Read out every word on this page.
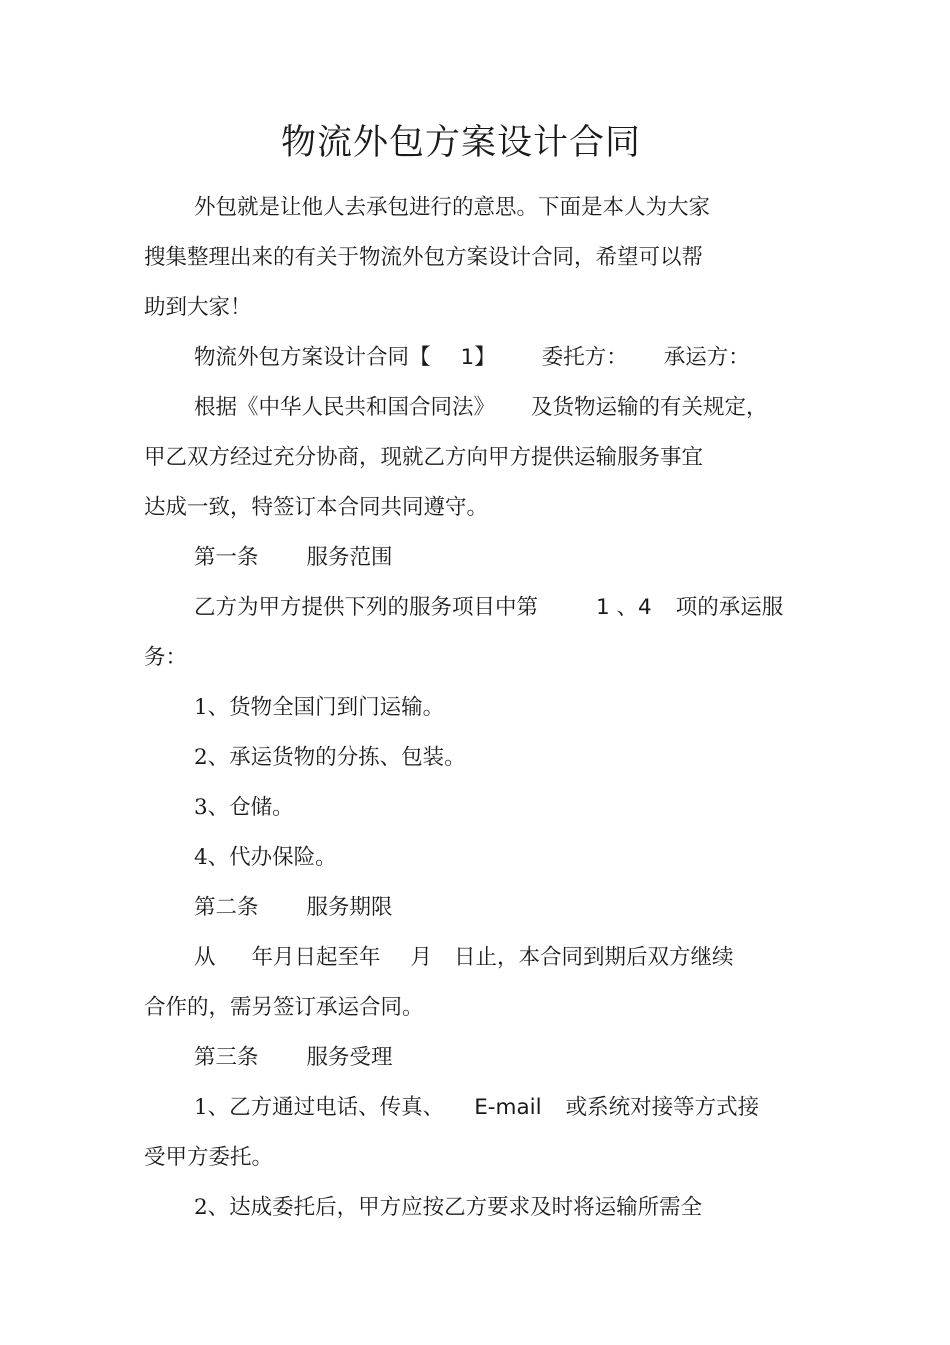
物流外包方案设计合同
外包就是让他人去承包进行的意思。下面是本人为大家
搜集整理出来的有关于物流外包方案设计合同，希望可以帮
助到大家！
物流外包方案设计合同【 1】 委托方： 承运方：
根据《中华人民共和国合同法》 及货物运输的有关规定，
甲乙双方经过充分协商，现就乙方向甲方提供运输服务事宜
达成一致，特签订本合同共同遵守。
第一条 服务范围
乙方为甲方提供下列的服务项目中第	1 、4 项的承运服
务：
1、货物全国门到门运输。
2、承运货物的分拣、包装。
3、仓储。
4、代办保险。
第二条 服务期限
从 年月日起至年 月 日止，本合同到期后双方继续
合作的，需另签订承运合同。
第三条 服务受理
1、乙方通过电话、传真、 E-mail 或系统对接等方式接
受甲方委托。
2、达成委托后，甲方应按乙方要求及时将运输所需全
